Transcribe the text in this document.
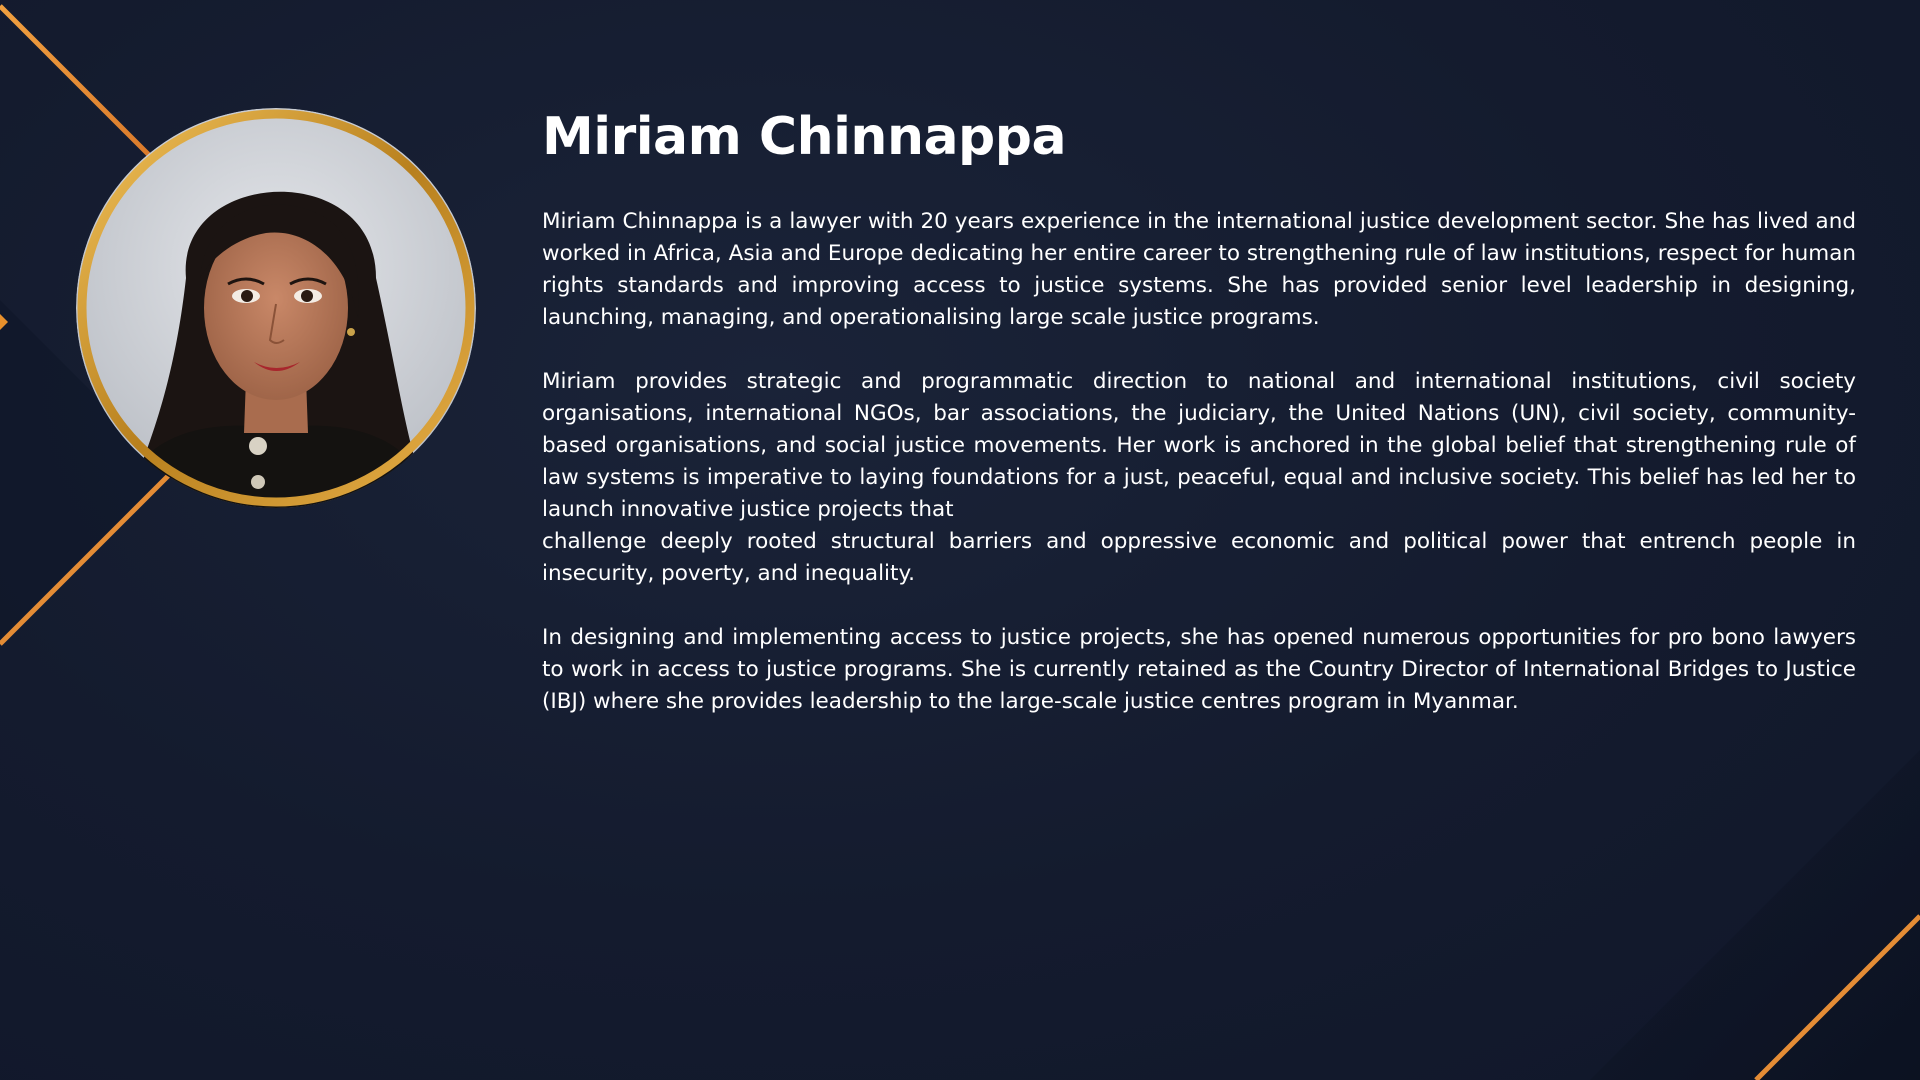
Miriam Chinnappa

Miriam Chinnappa is a lawyer with 20 years experience in the international justice development sector. She has lived and worked in Africa, Asia and Europe dedicating her entire career to strengthening rule of law institutions, respect for human rights standards and improving access to justice systems. She has provided senior level leadership in designing, launching, managing, and operationalising large scale justice programs.

Miriam provides strategic and programmatic direction to national and international institutions, civil society organisations, international NGOs, bar associations, the judiciary, the United Nations (UN), civil society, community-based organisations, and social justice movements. Her work is anchored in the global belief that strengthening rule of law systems is imperative to laying foundations for a just, peaceful, equal and inclusive society. This belief has led her to launch innovative justice projects that
challenge deeply rooted structural barriers and oppressive economic and political power that entrench people in insecurity, poverty, and inequality.

In designing and implementing access to justice projects, she has opened numerous opportunities for pro bono lawyers to work in access to justice programs. She is currently retained as the Country Director of International Bridges to Justice (IBJ) where she provides leadership to the large-scale justice centres program in Myanmar.
